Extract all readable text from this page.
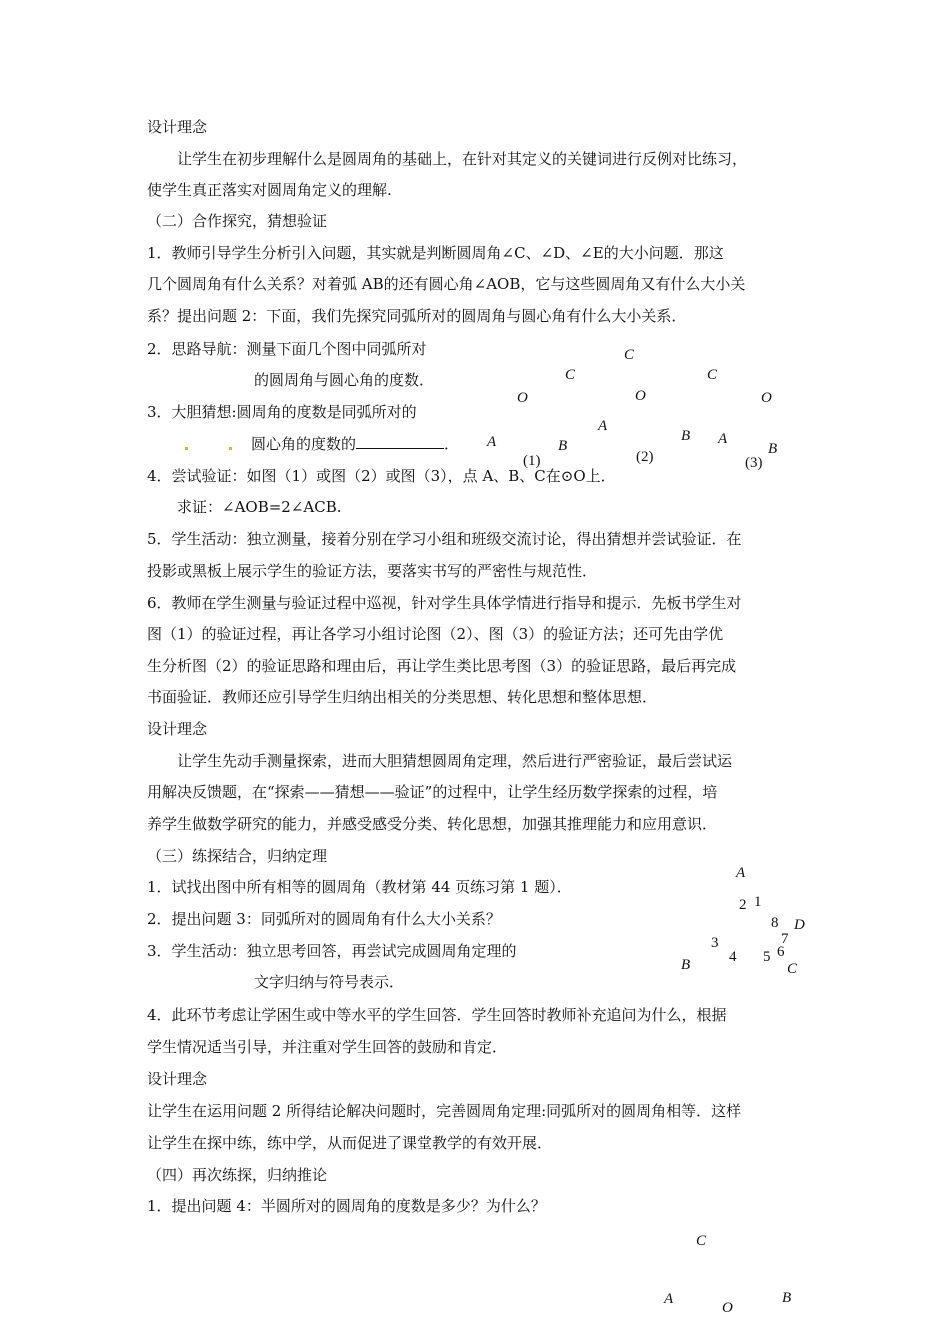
设计理念
让学生在初步理解什么是圆周角的基础上，在针对其定义的关键词进行反例对比练习，
使学生真正落实对圆周角定义的理解.
（二）合作探究，猜想验证
1．教师引导学生分析引入问题，其实就是判断圆周角∠C、∠D、∠E的大小问题．那这
几个圆周角有什么关系？对着弧 AB的还有圆心角∠AOB，它与这些圆周角又有什么大小关
系？提出问题 2：下面，我们先探究同弧所对的圆周角与圆心角有什么大小关系．
2．思路导航：测量下面几个图中同弧所对
的圆周角与圆心角的度数．
3．大胆猜想:圆周角的度数是同弧所对的
圆心角的度数的	．
4．尝试验证：如图（1）或图（2）或图（3），点 A、B、C在⊙O上．
求证：∠AOB=2∠ACB.
5．学生活动：独立测量，接着分别在学习小组和班级交流讨论，得出猜想并尝试验证．在
投影或黑板上展示学生的验证方法，要落实书写的严密性与规范性．
6．教师在学生测量与验证过程中巡视，针对学生具体学情进行指导和提示．先板书学生对
图（1）的验证过程，再让各学习小组讨论图（2）、图（3）的验证方法；还可先由学优
生分析图（2）的验证思路和理由后，再让学生类比思考图（3）的验证思路，最后再完成
书面验证．教师还应引导学生归纳出相关的分类思想、转化思想和整体思想．
设计理念
让学生先动手测量探索，进而大胆猜想圆周角定理，然后进行严密验证，最后尝试运
用解决反馈题，在“探索——猜想——验证”的过程中，让学生经历数学探索的过程，培
养学生做数学研究的能力，并感受感受分类、转化思想，加强其推理能力和应用意识．
（三）练探结合，归纳定理
1．试找出图中所有相等的圆周角（教材第 44 页练习第 1 题）．
2．提出问题 3：同弧所对的圆周角有什么大小关系？
3．学生活动：独立思考回答，再尝试完成圆周角定理的
文字归纳与符号表示．
4．此环节考虑让学困生或中等水平的学生回答．学生回答时教师补充追问为什么，根据
学生情况适当引导，并注重对学生回答的鼓励和肯定．
设计理念
让学生在运用问题 2 所得结论解决问题时，完善圆周角定理:同弧所对的圆周角相等．这样
让学生在探中练，练中学，从而促进了课堂教学的有效开展．
（四）再次练探，归纳推论
1．提出问题 4：半圆所对的圆周角的度数是多少？为什么？
C
C	C
O	O	O
A
A	B
B A
B
(1)	(2)	(3)
A
2 1
8 D
7
3
6
4 5
B	C
C
A
O
B
